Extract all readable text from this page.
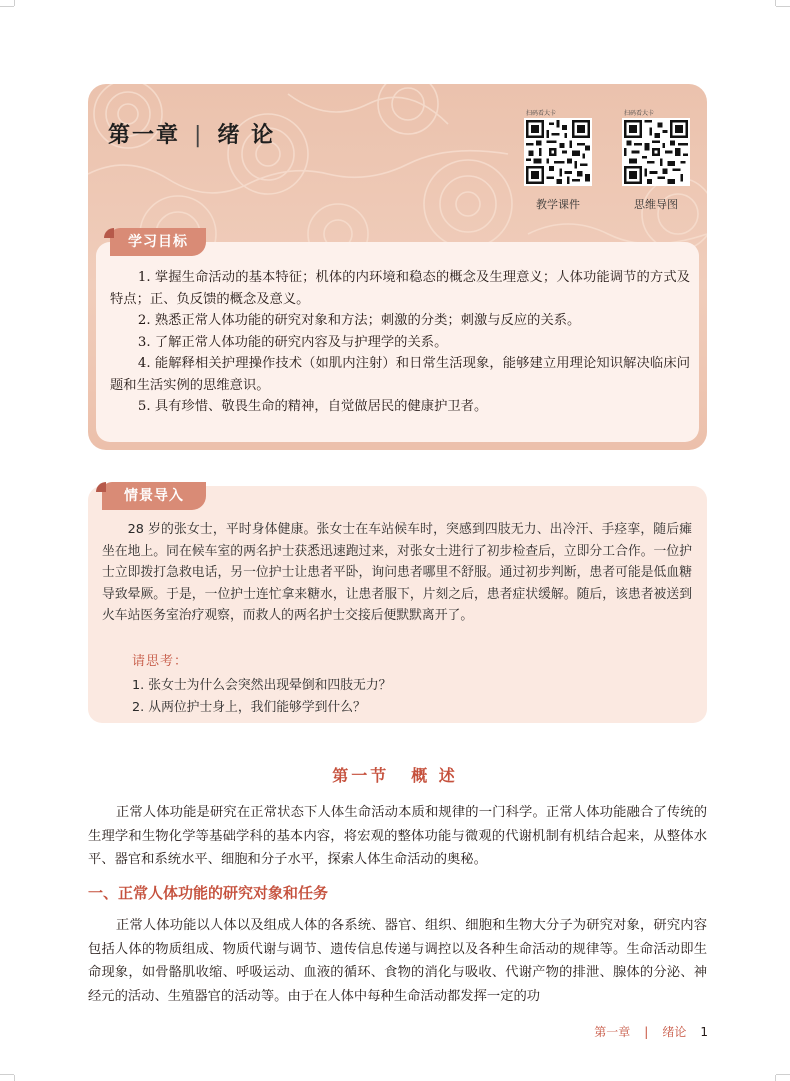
第一章 | 绪 论
扫码看大卡
教学课件
扫码看大卡
思维导图
学习目标

1. 掌握生命活动的基本特征；机体的内环境和稳态的概念及生理意义；人体功能调节的方式及特点；正、负反馈的概念及意义。

2. 熟悉正常人体功能的研究对象和方法；刺激的分类；刺激与反应的关系。

3. 了解正常人体功能的研究内容及与护理学的关系。

4. 能解释相关护理操作技术（如肌内注射）和日常生活现象，能够建立用理论知识解决临床问题和生活实例的思维意识。

5. 具有珍惜、敬畏生命的精神，自觉做居民的健康护卫者。

情景导入

28 岁的张女士，平时身体健康。张女士在车站候车时，突感到四肢无力、出冷汗、手痉挛，随后瘫坐在地上。同在候车室的两名护士获悉迅速跑过来，对张女士进行了初步检查后，立即分工合作。一位护士立即拨打急救电话，另一位护士让患者平卧，询问患者哪里不舒服。通过初步判断，患者可能是低血糖导致晕厥。于是，一位护士连忙拿来糖水，让患者服下，片刻之后，患者症状缓解。随后，该患者被送到火车站医务室治疗观察，而救人的两名护士交接后便默默离开了。

请思考：

1. 张女士为什么会突然出现晕倒和四肢无力？

2. 从两位护士身上，我们能够学到什么？

第一节 概 述

正常人体功能是研究在正常状态下人体生命活动本质和规律的一门科学。正常人体功能融合了传统的生理学和生物化学等基础学科的基本内容，将宏观的整体功能与微观的代谢机制有机结合起来，从整体水平、器官和系统水平、细胞和分子水平，探索人体生命活动的奥秘。

一、正常人体功能的研究对象和任务

正常人体功能以人体以及组成人体的各系统、器官、组织、细胞和生物大分子为研究对象，研究内容包括人体的物质组成、物质代谢与调节、遗传信息传递与调控以及各种生命活动的规律等。生命活动即生命现象，如骨骼肌收缩、呼吸运动、血液的循环、食物的消化与吸收、代谢产物的排泄、腺体的分泌、神经元的活动、生殖器官的活动等。由于在人体中每种生命活动都发挥一定的功

第一章 | 绪论 1
